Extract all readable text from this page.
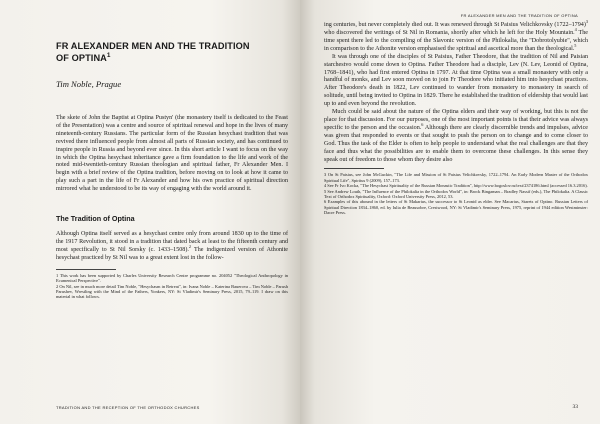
FR ALEXANDER MEN AND THE TRADITION OF OPTINA$^1$
Tim Noble, Prague

The skete of John the Baptist at Optina Pustyn' (the monastery itself is dedicated to the Feast of the Presentation) was a centre and source of spiritual renewal and hope in the lives of many nineteenth-century Russians. The particular form of the Russian hesychast tradition that was revived there influenced people from almost all parts of Russian society, and has continued to inspire people in Russia and beyond ever since. In this short article I want to focus on the way in which the Optina hesychast inheritance gave a firm foundation to the life and work of the noted mid-twentieth-century Russian theologian and spiritual father, Fr Alexander Men. I begin with a brief review of the Optina tradition, before moving on to look at how it came to play such a part in the life of Fr Alexander and how his own practice of spiritual direction mirrored what he understood to be its way of engaging with the world around it.

The Tradition of Optina

Although Optina itself served as a hesychast centre only from around 1830 up to the time of the 1917 Revolution, it stood in a tradition that dated back at least to the fifteenth century and most specifically to St Nil Sorsky (c. 1433–1508).$^2$ The indigenized version of Athonite hesychast practiced by St Nil was to a great extent lost in the follow-

1 This work has been supported by Charles University Research Centre programme no. 204052 "Theological Anthropology in Ecumenical Perspective".

2 On Nil, see in much more detail Tim Noble, "Hesychasm in Retreat", in: Ivana Noble – Katerina Bauerova – Tim Noble – Parush Parushev, Wrestling with the Mind of the Fathers, Yonkers, NY: St Vladimir's Seminary Press, 2015, 79–119. I draw on this material in what follows.

TRADITION AND THE RECEPTION OF THE ORTHODOX CHURCHES
FR ALEXANDER MEN AND THE TRADITION OF OPTINA

ing centuries, but never completely died out. It was renewed through St Paisius Velichkovsky (1722–1794)$^3$ who discovered the writings of St Nil in Romania, shortly after which he left for the Holy Mountain.$^4$ The time spent there led to the compiling of the Slavonic version of the Philokalia, the "Dobrotolyubie", which in comparison to the Athonite version emphasised the spiritual and ascetical more than the theological.$^5$

It was through one of the disciples of St Paisius, Father Theodore, that the tradition of Nil and Paisian starchestvo would come down to Optina. Father Theodore had a disciple, Lev (N. Lev, Leonid of Optina, 1768–1841), who had first entered Optina in 1797. At that time Optina was a small monastery with only a handful of monks, and Lev soon moved on to join Fr Theodore who initiated him into hesychast practices. After Theodore's death in 1822, Lev continued to wander from monastery to monastery in search of solitude, until being invited to Optina in 1829. There he established the tradition of eldership that would last up to and even beyond the revolution.

Much could be said about the nature of the Optina elders and their way of working, but this is not the place for that discussion. For our purposes, one of the most important points is that their advice was always specific to the person and the occasion.$^6$ Although there are clearly discernible trends and impulses, advice was given that responded to events or that sought to push the person on to change and to come closer to God. Thus the task of the Elder is often to help people to understand what the real challenges are that they face and thus what the possibilities are to enable them to overcome these challenges. In this sense they speak out of freedom to those whom they desire also

3 On St Paisius, see John McGuckin, "The Life and Mission of St Paisius Velichkovsky, 1722–1794. An Early Modern Master of the Orthodox Spiritual Life", Spiritus 9 (2009), 157–173.

4 See Fr Ivo Kocka, "The Hesychast Spirituality of the Russian Monastic Tradition", http://www.bogoslov.ru/text/2374186.html (accessed 16.3.2016).

5 See Andrew Louth, "The Influence of the Philokalia in the Orthodox World", in: Brock Bingaman – Bradley Nassif (eds.), The Philokalia. A Classic Text of Orthodox Spirituality, Oxford: Oxford University Press, 2012, 53.

6 Examples of this abound in the letters of St Makarius, the successor to St Leonid as elder. See Macarius, Starets of Optino. Russian Letters of Spiritual Direction 1834–1860, ed. by Iulia de Beausobre, Crestwood, NY: St Vladimir's Seminary Press, 1975, reprint of 1944 edition Westminster: Dacre Press.

33
